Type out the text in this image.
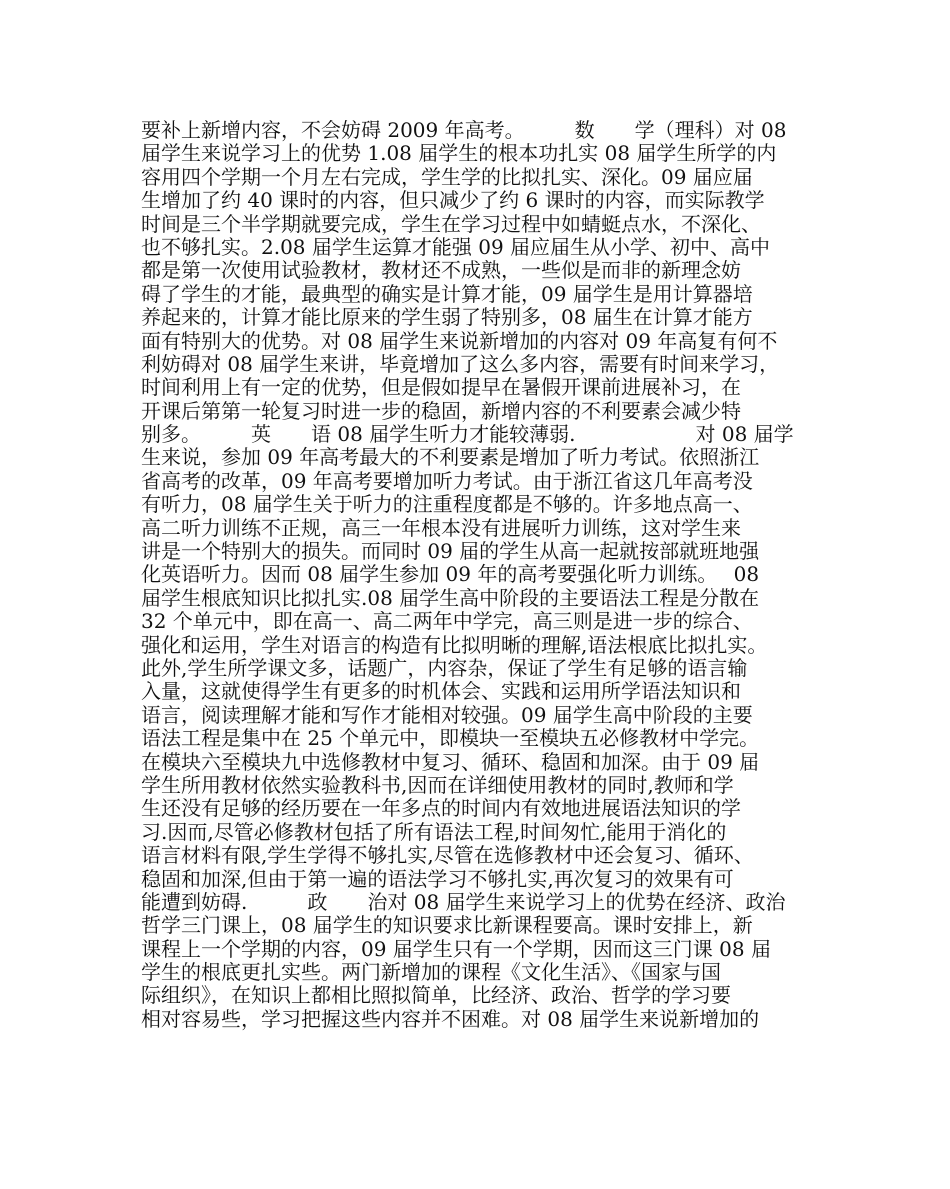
要补上新增内容，不会妨碍 2009 年高考。　　　数　　学（理科）对 08
届学生来说学习上的优势 1.08 届学生的根本功扎实 08 届学生所学的内
容用四个学期一个月左右完成，学生学的比拟扎实、深化。09 届应届
生增加了约 40 课时的内容，但只减少了约 6 课时的内容，而实际教学
时间是三个半学期就要完成，学生在学习过程中如蜻蜓点水，不深化、
也不够扎实。2.08 届学生运算才能强 09 届应届生从小学、初中、高中
都是第一次使用试验教材，教材还不成熟，一些似是而非的新理念妨
碍了学生的才能，最典型的确实是计算才能，09 届学生是用计算器培
养起来的，计算才能比原来的学生弱了特别多，08 届生在计算才能方
面有特别大的优势。对 08 届学生来说新增加的内容对 09 年高复有何不
利妨碍对 08 届学生来讲，毕竟增加了这么多内容，需要有时间来学习，
时间利用上有一定的优势，但是假如提早在暑假开课前进展补习，在
开课后第第一轮复习时进一步的稳固，新增内容的不利要素会减少特
别多。　　　英　　语 08 届学生听力才能较薄弱.　　　　　　对 08 届学
生来说，参加 09 年高考最大的不利要素是增加了听力考试。依照浙江
省高考的改革，09 年高考要增加听力考试。由于浙江省这几年高考没
有听力，08 届学生关于听力的注重程度都是不够的。许多地点高一、
高二听力训练不正规，高三一年根本没有进展听力训练，这对学生来
讲是一个特别大的损失。而同时 09 届的学生从高一起就按部就班地强
化英语听力。因而 08 届学生参加 09 年的高考要强化听力训练。　 08
届学生根底知识比拟扎实.08 届学生高中阶段的主要语法工程是分散在
32 个单元中，即在高一、高二两年中学完，高三则是进一步的综合、
强化和运用，学生对语言的构造有比拟明晰的理解,语法根底比拟扎实。
此外,学生所学课文多，话题广，内容杂，保证了学生有足够的语言输
入量，这就使得学生有更多的时机体会、实践和运用所学语法知识和
语言，阅读理解才能和写作才能相对较强。09 届学生高中阶段的主要
语法工程是集中在 25 个单元中，即模块一至模块五必修教材中学完。
在模块六至模块九中选修教材中复习、循环、稳固和加深。由于 09 届
学生所用教材依然实验教科书,因而在详细使用教材的同时,教师和学
生还没有足够的经历要在一年多点的时间内有效地进展语法知识的学
习.因而,尽管必修教材包括了所有语法工程,时间匆忙,能用于消化的
语言材料有限,学生学得不够扎实,尽管在选修教材中还会复习、循环、
稳固和加深,但由于第一遍的语法学习不够扎实,再次复习的效果有可
能遭到妨碍.　　　政　　治对 08 届学生来说学习上的优势在经济、政治
哲学三门课上，08 届学生的知识要求比新课程要高。课时安排上，新
课程上一个学期的内容，09 届学生只有一个学期，因而这三门课 08 届
学生的根底更扎实些。两门新增加的课程《文化生活》、《国家与国
际组织》，在知识上都相比照拟简单，比经济、政治、哲学的学习要
相对容易些，学习把握这些内容并不困难。对 08 届学生来说新增加的
